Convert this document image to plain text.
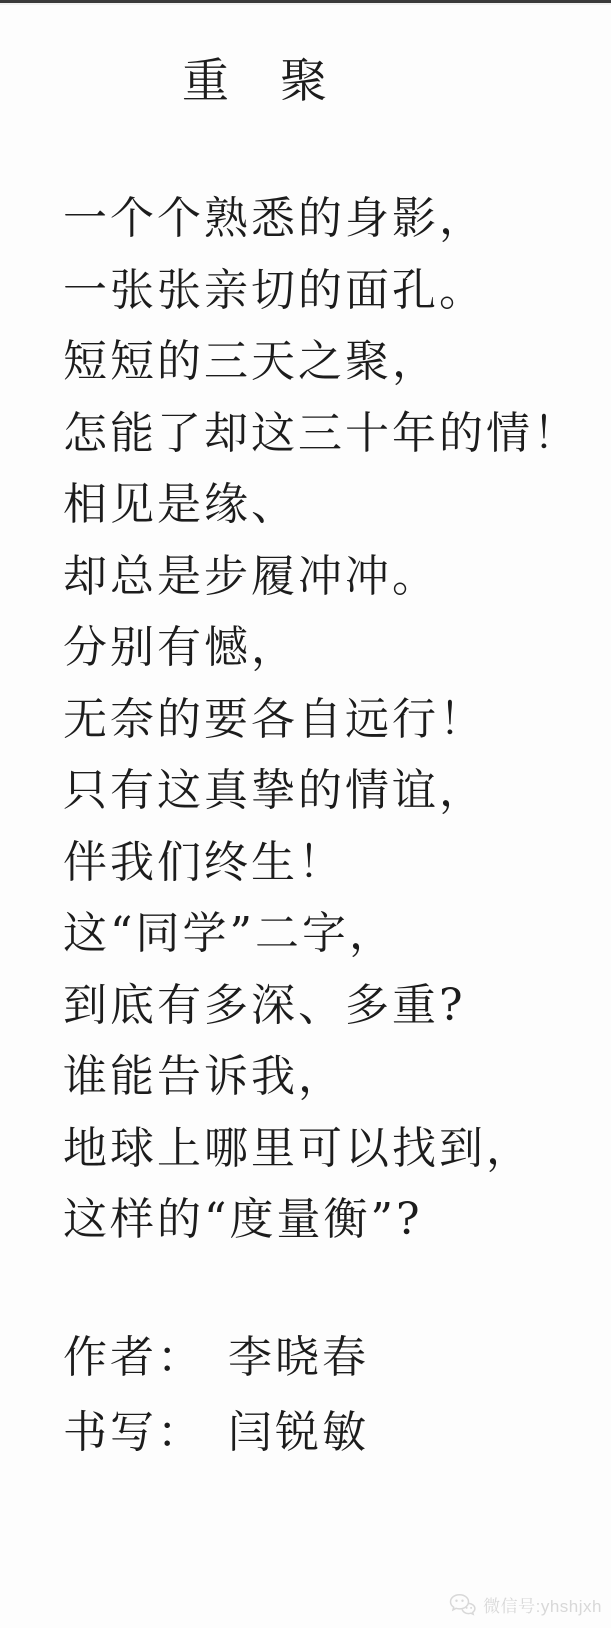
重　聚
一个个熟悉的身影，
一张张亲切的面孔。
短短的三天之聚，
怎能了却这三十年的情！
相见是缘、
却总是步履冲冲。
分别有憾，
无奈的要各自远行！
只有这真挚的情谊，
伴我们终生！
这“同学”二字，
到底有多深、多重?
谁能告诉我，
地球上哪里可以找到，
这样的“度量衡”?
作者： 李晓春
书写： 闫锐敏
微信号:yhshjxh
